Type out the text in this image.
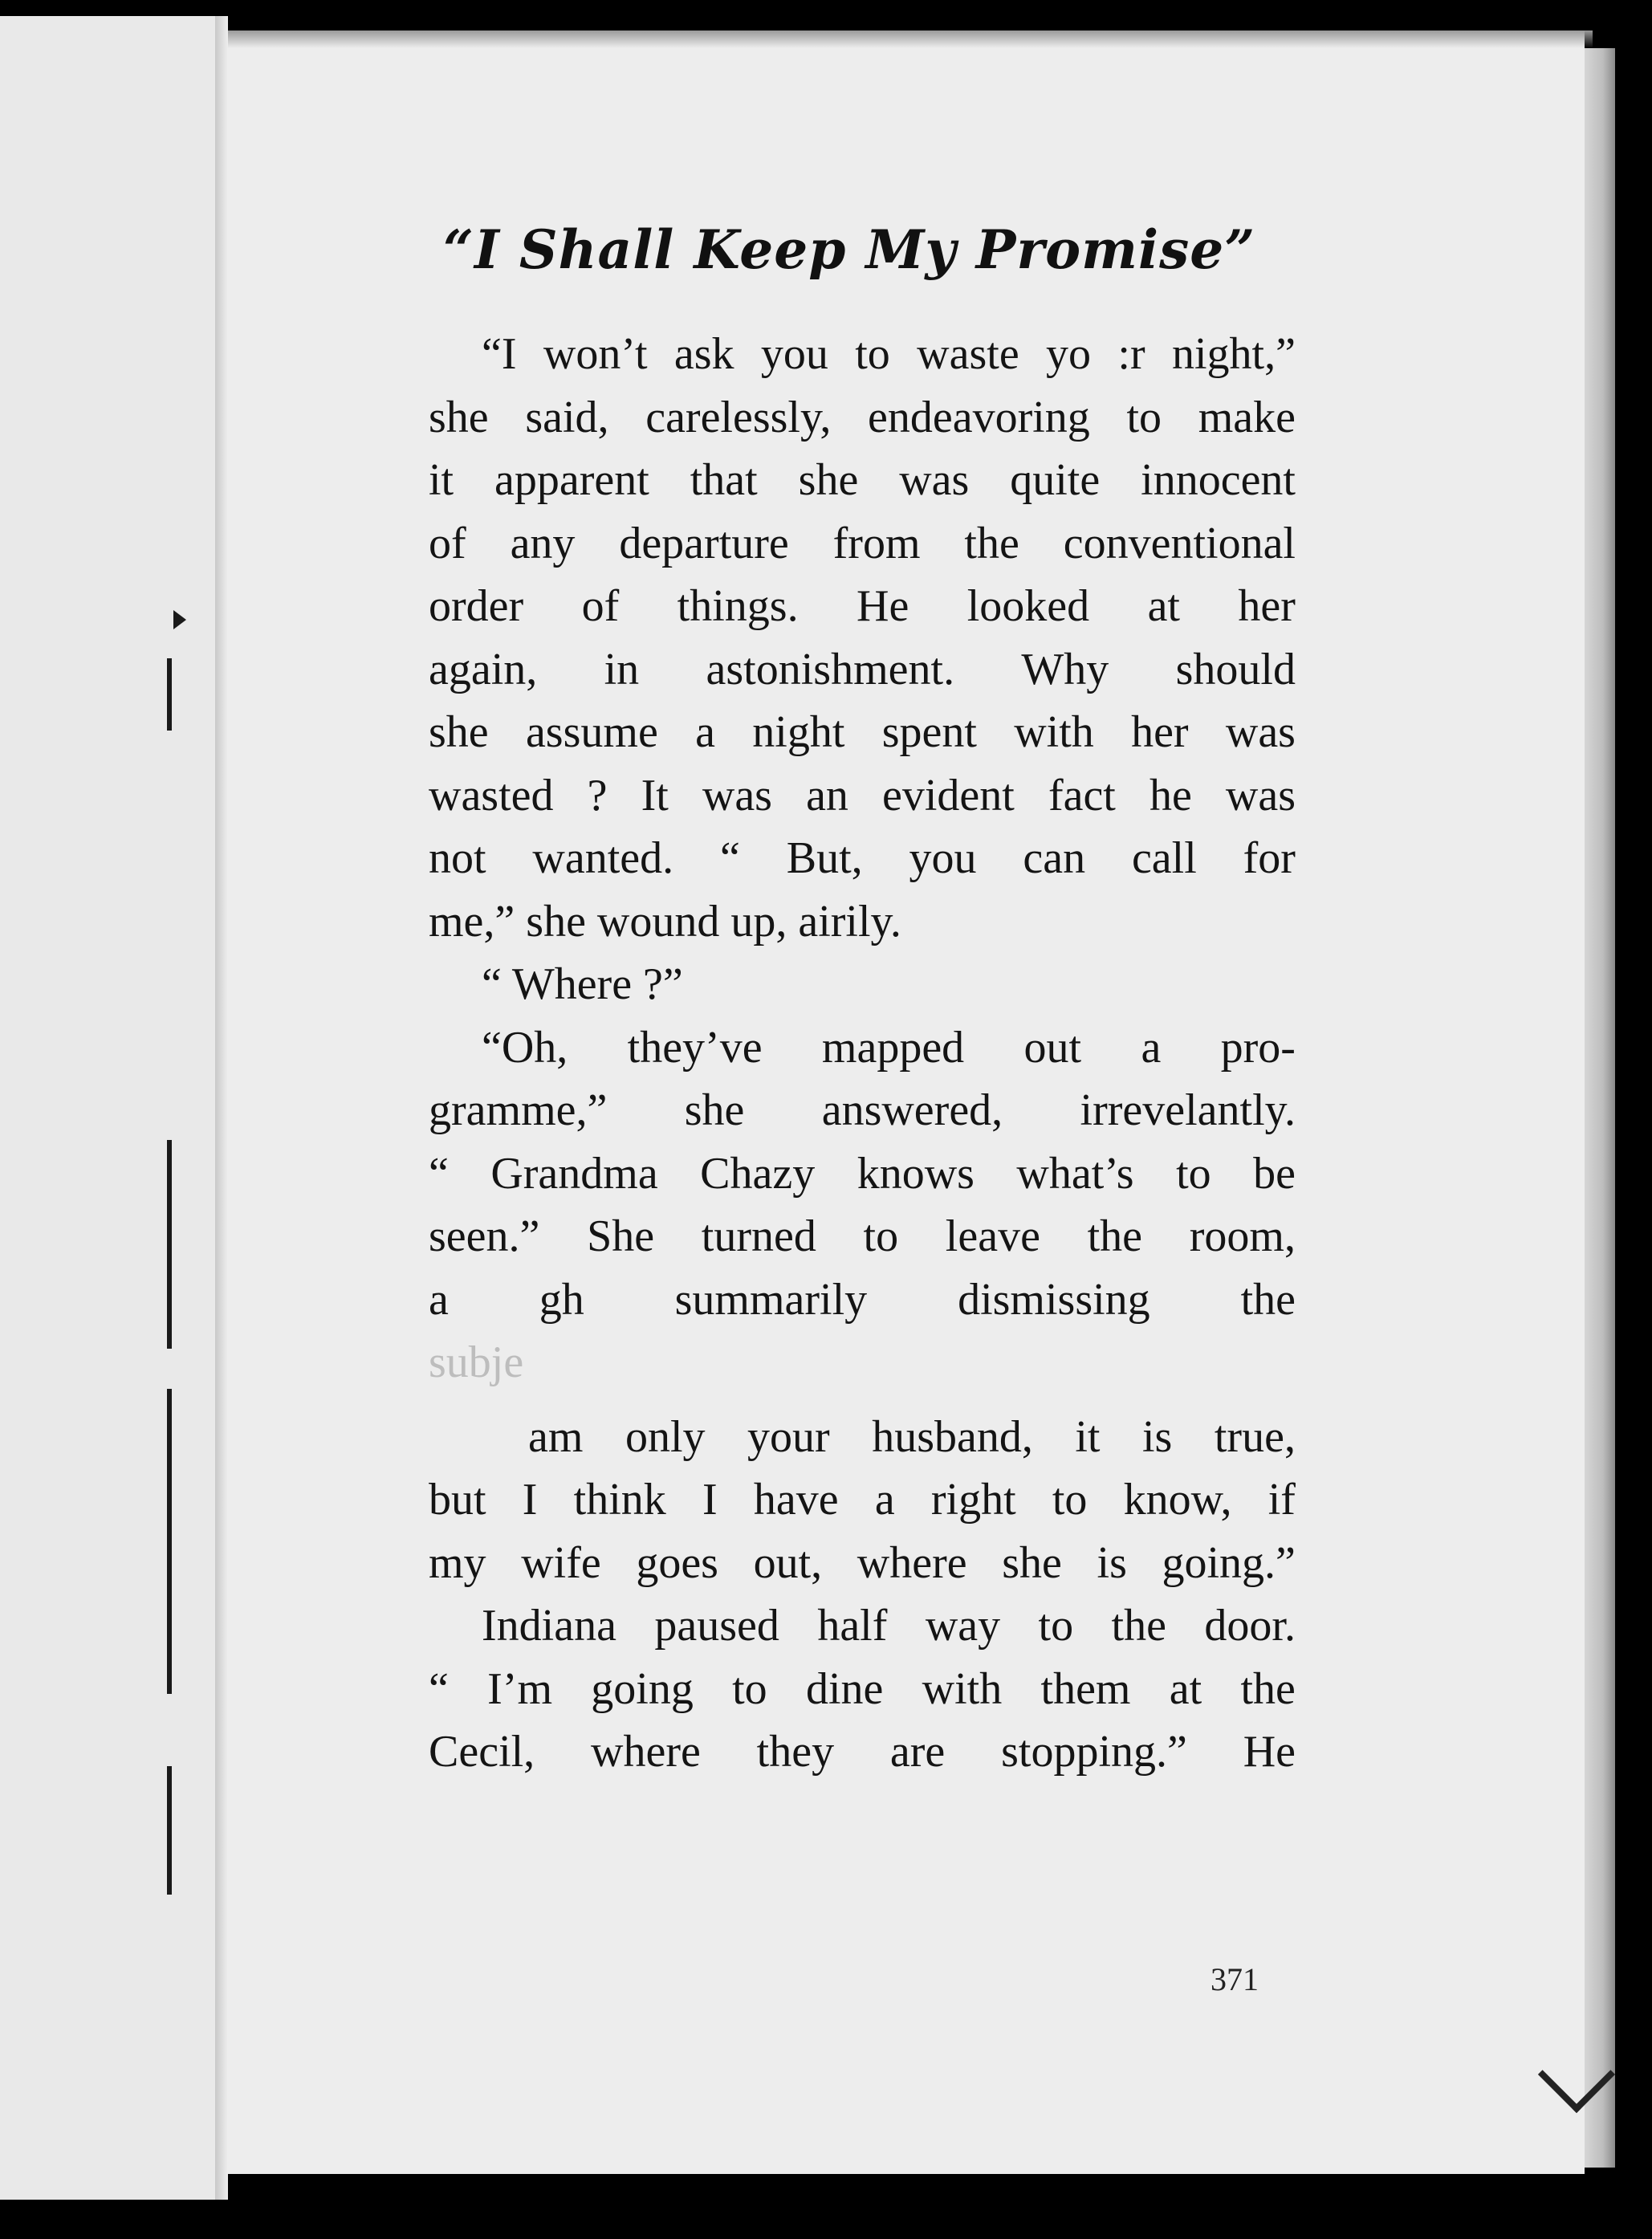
“I Shall Keep My Promise”
“I won’t ask you to waste yo :r night,”
she said, carelessly, endeavoring to make
it apparent that she was quite innocent
of any departure from the conventional
order of things. He looked at her
again, in astonishment. Why should
she assume a night spent with her was
wasted ? It was an evident fact he was
not wanted. “ But, you can call for
me,” she wound up, airily.
“ Where ?”
“Oh, they’ve mapped out a pro-
gramme,” she answered, irrevelantly.
“ Grandma Chazy knows what’s to be
seen.” She turned to leave the room,
a gh summarily dismissing the
subje
am only your husband, it is true,
but I think I have a right to know, if
my wife goes out, where she is going.”
Indiana paused half way to the door.
“ I’m going to dine with them at the
Cecil, where they are stopping.” He
371
